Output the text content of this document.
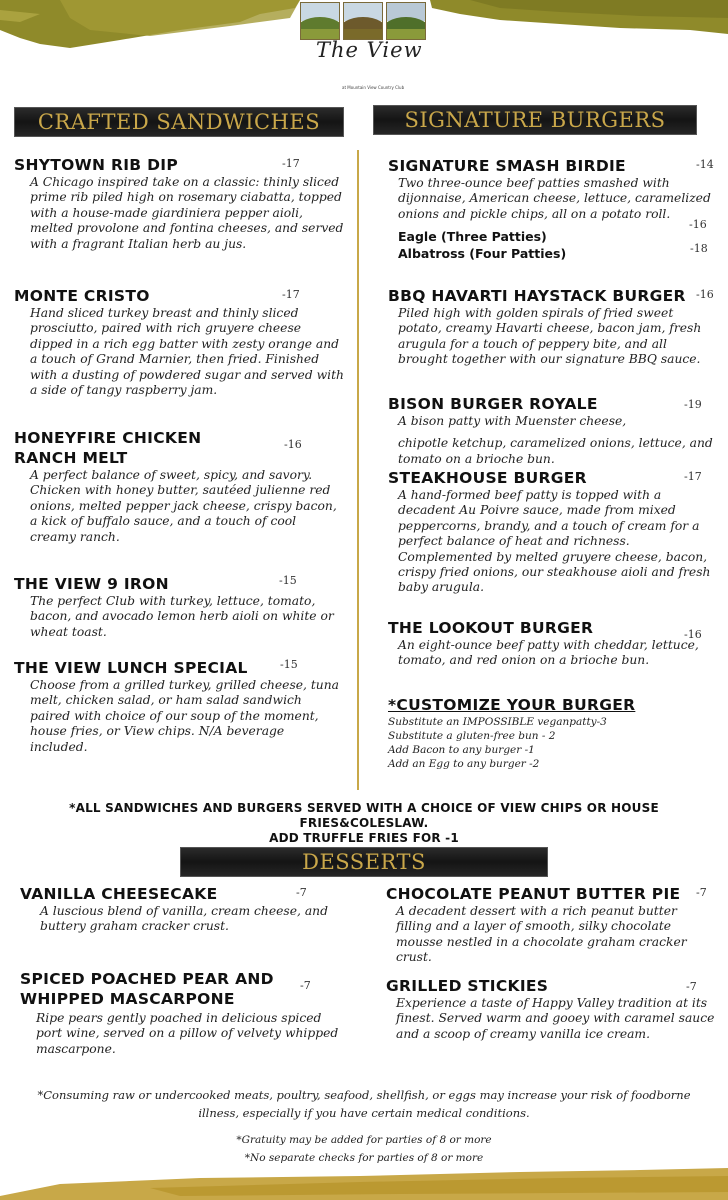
The View
at Mountain View Country Club
CRAFTED SANDWICHES	SIGNATURE BURGERS
SHYTOWN RIB DIP
A Chicago inspired take on a classic: thinly sliced prime rib piled high on rosemary ciabatta, topped with a house-made giardiniera pepper aioli, melted provolone and fontina cheeses, and served with a fragrant Italian herb au jus.
-17
MONTE CRISTO
Hand sliced turkey breast and thinly sliced prosciutto, paired with rich gruyere cheese dipped in a rich egg batter with zesty orange and a touch of Grand Marnier, then fried. Finished with a dusting of powdered sugar and served with a side of tangy raspberry jam.
-17
HONEYFIRE CHICKEN RANCH MELT
A perfect balance of sweet, spicy, and savory. Chicken with honey butter, sautéed julienne red onions, melted pepper jack cheese, crispy bacon, a kick of buffalo sauce, and a touch of cool creamy ranch.
-16
THE VIEW 9 IRON
The perfect Club with turkey, lettuce, tomato, bacon, and avocado lemon herb aioli on white or wheat toast.
-15
THE VIEW LUNCH SPECIAL
Choose from a grilled turkey, grilled cheese, tuna melt, chicken salad, or ham salad sandwich paired with choice of our soup of the moment, house fries, or View chips. N/A beverage included.
-15
SIGNATURE SMASH BIRDIE
Two three-ounce beef patties smashed with dijonnaise, American cheese, lettuce, caramelized onions and pickle chips, all on a potato roll.
-14
Eagle (Three Patties)
Albatross (Four Patties)
-16
-18
BBQ HAVARTI HAYSTACK BURGER
Piled high with golden spirals of fried sweet potato, creamy Havarti cheese, bacon jam, fresh arugula for a touch of peppery bite, and all brought together with our signature BBQ sauce.
-16
BISON BURGER ROYALE
A bison patty with Muenster cheese,
chipotle ketchup, caramelized onions, lettuce, and tomato on a brioche bun.
-19
STEAKHOUSE BURGER
A hand-formed beef patty is topped with a decadent Au Poivre sauce, made from mixed peppercorns, brandy, and a touch of cream for a perfect balance of heat and richness. Complemented by melted gruyere cheese, bacon, crispy fried onions, our steakhouse aioli and fresh baby arugula.
-17
THE LOOKOUT BURGER
An eight-ounce beef patty with cheddar, lettuce, tomato, and red onion on a brioche bun.
-16
*CUSTOMIZE YOUR BURGER
Substitute an IMPOSSIBLE veganpatty-3
Substitute a gluten-free bun - 2
Add Bacon to any burger -1
Add an Egg to any burger -2
*ALL SANDWICHES AND BURGERS SERVED WITH A CHOICE OF VIEW CHIPS OR HOUSE
FRIES&COLESLAW.
ADD TRUFFLE FRIES FOR -1
DESSERTS
VANILLA CHEESECAKE
A luscious blend of vanilla, cream cheese, and buttery graham cracker crust.
-7
SPICED POACHED PEAR AND WHIPPED MASCARPONE
Ripe pears gently poached in delicious spiced port wine, served on a pillow of velvety whipped mascarpone.
-7
CHOCOLATE PEANUT BUTTER PIE
A decadent dessert with a rich peanut butter filling and a layer of smooth, silky chocolate mousse nestled in a chocolate graham cracker crust.
-7
GRILLED STICKIES
Experience a taste of Happy Valley tradition at its finest. Served warm and gooey with caramel sauce and a scoop of creamy vanilla ice cream.
-7
*Consuming raw or undercooked meats, poultry, seafood, shellfish, or eggs may increase your risk of foodborne illness, especially if you have certain medical conditions.
*Gratuity may be added for parties of 8 or more
*No separate checks for parties of 8 or more
